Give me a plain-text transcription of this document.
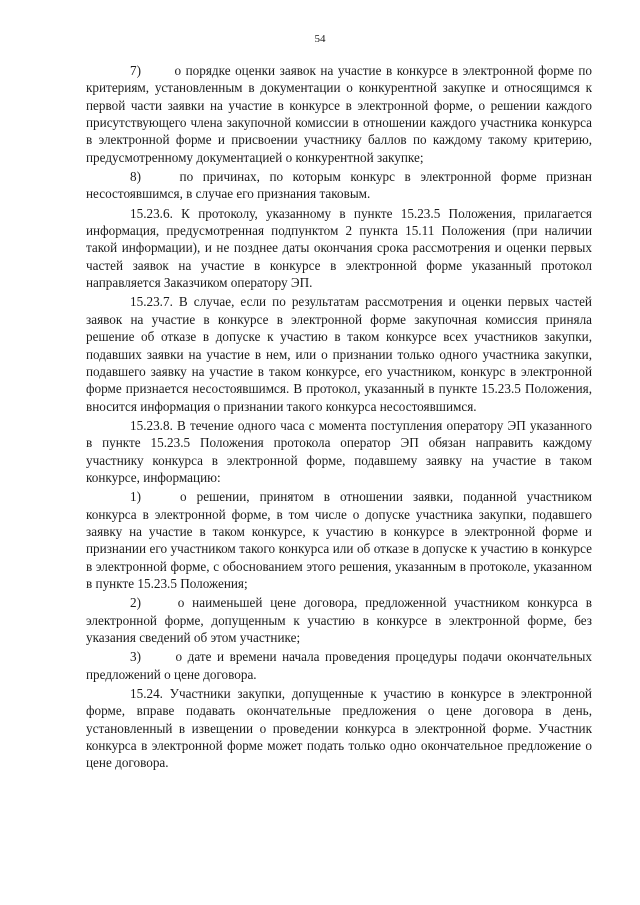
54

7)	о порядке оценки заявок на участие в конкурсе в электронной форме по критериям, установленным в документации о конкурентной закупке и относящимся к первой части заявки на участие в конкурсе в электронной форме, о решении каждого присутствующего члена закупочной комиссии в отношении каждого участника конкурса в электронной форме и присвоении участнику баллов по каждому такому критерию, предусмотренному документацией о конкурентной закупке;

8)	по причинах, по которым конкурс в электронной форме признан несостоявшимся, в случае его признания таковым.

15.23.6. К протоколу, указанному в пункте 15.23.5 Положения, прилагается информация, предусмотренная подпунктом 2 пункта 15.11 Положения (при наличии такой информации), и не позднее даты окончания срока рассмотрения и оценки первых частей заявок на участие в конкурсе в электронной форме указанный протокол направляется Заказчиком оператору ЭП.

15.23.7. В случае, если по результатам рассмотрения и оценки первых частей заявок на участие в конкурсе в электронной форме закупочная комиссия приняла решение об отказе в допуске к участию в таком конкурсе всех участников закупки, подавших заявки на участие в нем, или о признании только одного участника закупки, подавшего заявку на участие в таком конкурсе, его участником, конкурс в электронной форме признается несостоявшимся. В протокол, указанный в пункте 15.23.5 Положения, вносится информация о признании такого конкурса несостоявшимся.

15.23.8. В течение одного часа с момента поступления оператору ЭП указанного в пункте 15.23.5 Положения протокола оператор ЭП обязан направить каждому участнику конкурса в электронной форме, подавшему заявку на участие в таком конкурсе, информацию:

1)	о решении, принятом в отношении заявки, поданной участником конкурса в электронной форме, в том числе о допуске участника закупки, подавшего заявку на участие в таком конкурсе, к участию в конкурсе в электронной форме и признании его участником такого конкурса или об отказе в допуске к участию в конкурсе в электронной форме, с обоснованием этого решения, указанным в протоколе, указанном в пункте 15.23.5 Положения;

2)	о наименьшей цене договора, предложенной участником конкурса в электронной форме, допущенным к участию в конкурсе в электронной форме, без указания сведений об этом участнике;

3)	о дате и времени начала проведения процедуры подачи окончательных предложений о цене договора.

15.24. Участники закупки, допущенные к участию в конкурсе в электронной форме, вправе подавать окончательные предложения о цене договора в день, установленный в извещении о проведении конкурса в электронной форме. Участник конкурса в электронной форме может подать только одно окончательное предложение о цене договора.
